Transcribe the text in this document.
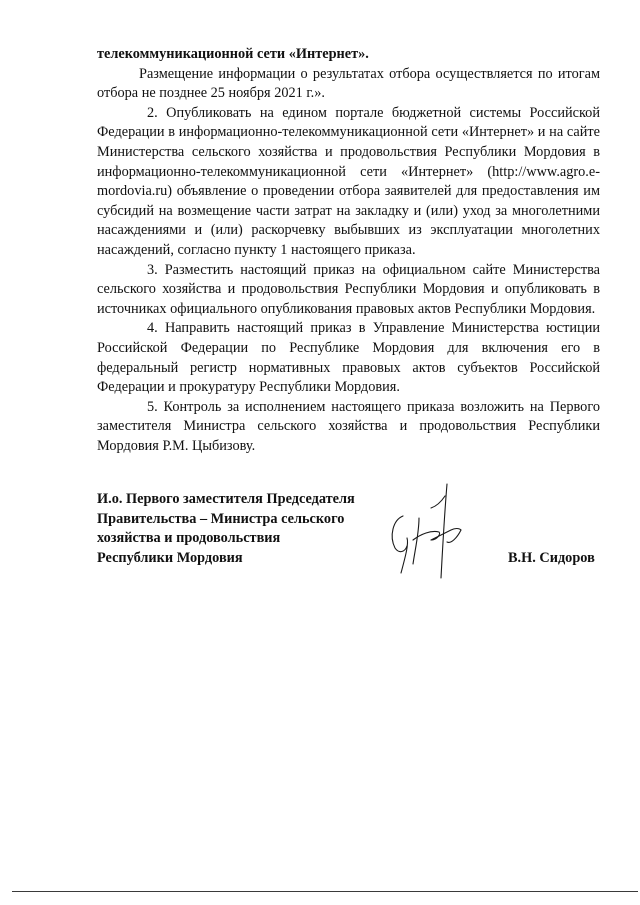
телекоммуникационной сети «Интернет».

Размещение информации о результатах отбора осуществляется по итогам отбора не позднее 25 ноября 2021 г.».

2. Опубликовать на едином портале бюджетной системы Российской Федерации в информационно-телекоммуникационной сети «Интернет» и на сайте Министерства сельского хозяйства и продовольствия Республики Мордовия в информационно-телекоммуникационной сети «Интернет» (http://www.agro.e-mordovia.ru) объявление о проведении отбора заявителей для предоставления им субсидий на возмещение части затрат на закладку и (или) уход за многолетними насаждениями и (или) раскорчевку выбывших из эксплуатации многолетних насаждений, согласно пункту 1 настоящего приказа.

3. Разместить настоящий приказ на официальном сайте Министерства сельского хозяйства и продовольствия Республики Мордовия и опубликовать в источниках официального опубликования правовых актов Республики Мордовия.

4. Направить настоящий приказ в Управление Министерства юстиции Российской Федерации по Республике Мордовия для включения его в федеральный регистр нормативных правовых актов субъектов Российской Федерации и прокуратуру Республики Мордовия.

5. Контроль за исполнением настоящего приказа возложить на Первого заместителя Министра сельского хозяйства и продовольствия Республики Мордовия Р.М. Цыбизову.

И.о. Первого заместителя Председателя
Правительства – Министра сельского
хозяйства и продовольствия
Республики Мордовия	В.Н. Сидоров
